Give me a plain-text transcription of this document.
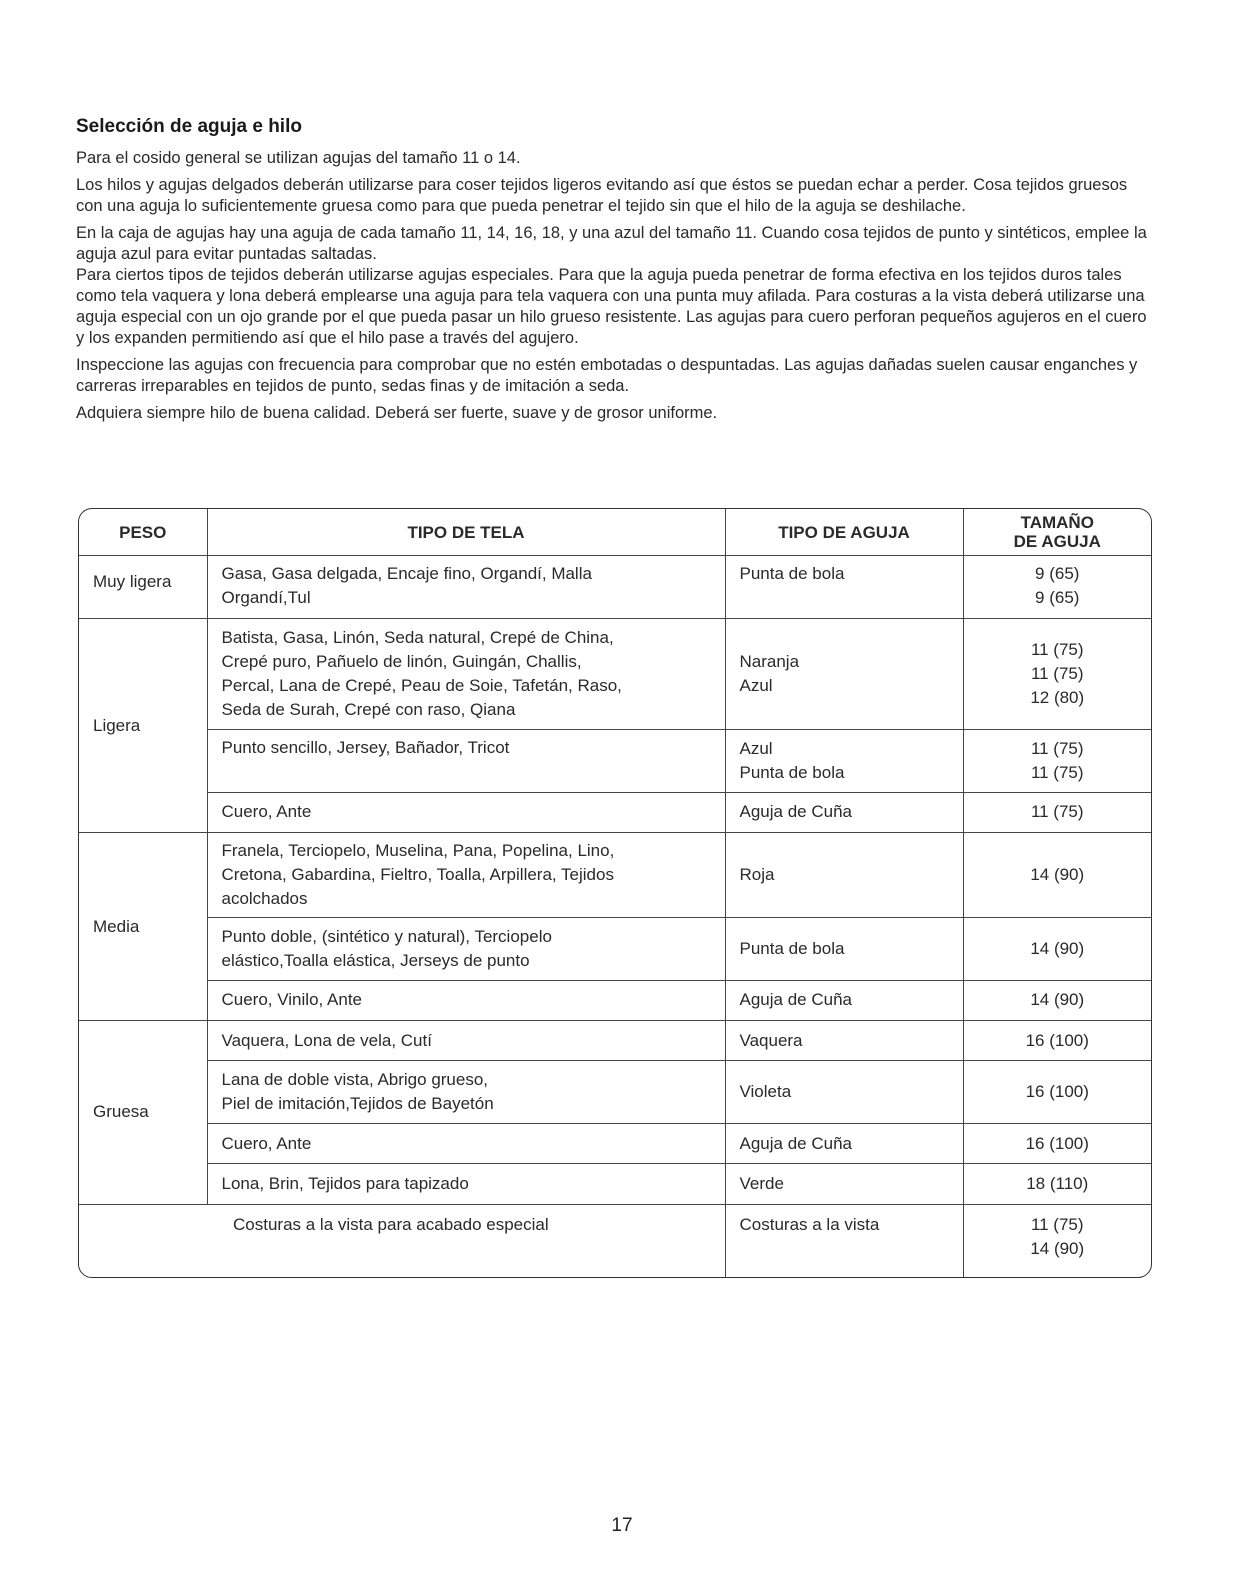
Selección de aguja e hilo

Para el cosido general se utilizan agujas del tamaño 11 o 14.

Los hilos y agujas delgados deberán utilizarse para coser tejidos ligeros evitando así que éstos se puedan echar a perder. Cosa tejidos gruesos con una aguja lo suficientemente gruesa como para que pueda penetrar el tejido sin que el hilo de la aguja se deshilache.

En la caja de agujas hay una aguja de cada tamaño 11, 14, 16, 18, y una azul del tamaño 11. Cuando cosa tejidos de punto y sintéticos, emplee la aguja azul para evitar puntadas saltadas.

Para ciertos tipos de tejidos deberán utilizarse agujas especiales. Para que la aguja pueda penetrar de forma efectiva en los tejidos duros tales como tela vaquera y lona deberá emplearse una aguja para tela vaquera con una punta muy afilada. Para costuras a la vista deberá utilizarse una aguja especial con un ojo grande por el que pueda pasar un hilo grueso resistente. Las agujas para cuero perforan pequeños agujeros en el cuero y los expanden permitiendo así que el hilo pase a través del agujero.

Inspeccione las agujas con frecuencia para comprobar que no estén embotadas o despuntadas. Las agujas dañadas suelen causar enganches y carreras irreparables en tejidos de punto, sedas finas y de imitación a seda.

Adquiera siempre hilo de buena calidad. Deberá ser fuerte, suave y de grosor uniforme.

PESO	TIPO DE TELA	TIPO DE AGUJA	TAMAÑO
DE AGUJA

Muy ligera	Gasa, Gasa delgada, Encaje fino, Organdí, Malla
Organdí,Tul	Punta de bola	9 (65)
9 (65)

Ligera	Batista, Gasa, Linón, Seda natural, Crepé de China,
Crepé puro, Pañuelo de linón, Guingán, Challis,
Percal, Lana de Crepé, Peau de Soie, Tafetán, Raso,
Seda de Surah, Crepé con raso, Qiana	Naranja
Azul	11 (75)
11 (75)
12 (80)

	Punto sencillo, Jersey, Bañador, Tricot	Azul
Punta de bola	11 (75)
11 (75)

	Cuero, Ante	Aguja de Cuña	11 (75)

Media	Franela, Terciopelo, Muselina, Pana, Popelina, Lino,
Cretona, Gabardina, Fieltro, Toalla, Arpillera, Tejidos
acolchados	Roja	14 (90)

	Punto doble, (sintético y natural), Terciopelo
elástico,Toalla elástica, Jerseys de punto	Punta de bola	14 (90)

	Cuero, Vinilo, Ante	Aguja de Cuña	14 (90)

Gruesa	Vaquera, Lona de vela, Cutí	Vaquera	16 (100)

	Lana de doble vista, Abrigo grueso,
Piel de imitación,Tejidos de Bayetón	Violeta	16 (100)

	Cuero, Ante	Aguja de Cuña	16 (100)

	Lona, Brin, Tejidos para tapizado	Verde	18 (110)

Costuras a la vista para acabado especial		Costuras a la vista	11 (75)
14 (90)
17
